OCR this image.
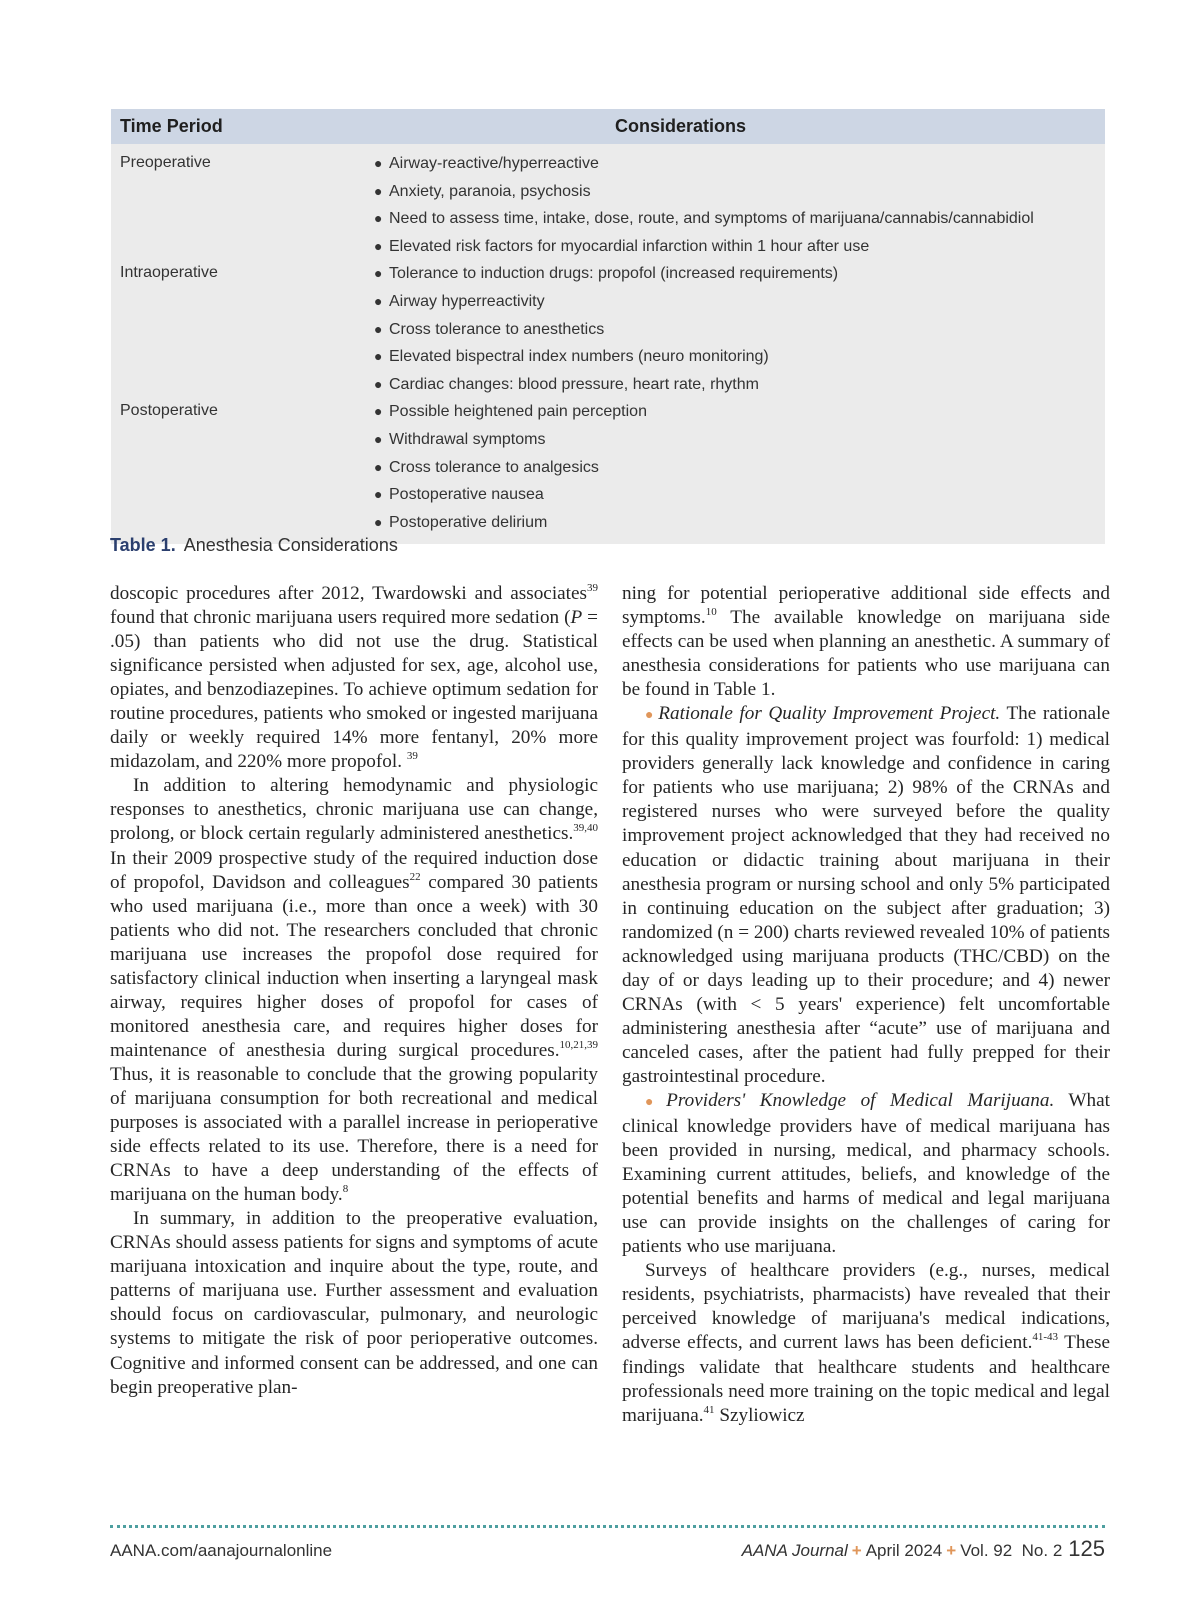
Time Period	Considerations
Preoperative	● Airway-reactive/hyperreactive
● Anxiety, paranoia, psychosis
● Need to assess time, intake, dose, route, and symptoms of marijuana/cannabis/cannabidiol
● Elevated risk factors for myocardial infarction within 1 hour after use
Intraoperative	● Tolerance to induction drugs: propofol (increased requirements)
● Airway hyperreactivity
● Cross tolerance to anesthetics
● Elevated bispectral index numbers (neuro monitoring)
● Cardiac changes: blood pressure, heart rate, rhythm
Postoperative	● Possible heightened pain perception
● Withdrawal symptoms
● Cross tolerance to analgesics
● Postoperative nausea
● Postoperative delirium
Table 1. Anesthesia Considerations

doscopic procedures after 2012, Twardowski and associates$^{39}$ found that chronic marijuana users required more sedation (P = .05) than patients who did not use the drug. Statistical significance persisted when adjusted for sex, age, alcohol use, opiates, and benzodiazepines. To achieve optimum sedation for routine procedures, patients who smoked or ingested marijuana daily or weekly required 14% more fentanyl, 20% more midazolam, and 220% more propofol. $^{39}$

In addition to altering hemodynamic and physiologic responses to anesthetics, chronic marijuana use can change, prolong, or block certain regularly administered anesthetics.$^{39,40}$ In their 2009 prospective study of the required induction dose of propofol, Davidson and colleagues$^{22}$ compared 30 patients who used marijuana (i.e., more than once a week) with 30 patients who did not. The researchers concluded that chronic marijuana use increases the propofol dose required for satisfactory clinical induction when inserting a laryngeal mask airway, requires higher doses of propofol for cases of monitored anesthesia care, and requires higher doses for maintenance of anesthesia during surgical procedures.$^{10,21,39}$ Thus, it is reasonable to conclude that the growing popularity of marijuana consumption for both recreational and medical purposes is associated with a parallel increase in perioperative side effects related to its use. Therefore, there is a need for CRNAs to have a deep understanding of the effects of marijuana on the human body.$^8$

In summary, in addition to the preoperative evaluation, CRNAs should assess patients for signs and symptoms of acute marijuana intoxication and inquire about the type, route, and patterns of marijuana use. Further assessment and evaluation should focus on cardiovascular, pulmonary, and neurologic systems to mitigate the risk of poor perioperative outcomes. Cognitive and informed consent can be addressed, and one can begin preoperative plan-

ning for potential perioperative additional side effects and symptoms.$^{10}$ The available knowledge on marijuana side effects can be used when planning an anesthetic. A summary of anesthesia considerations for patients who use marijuana can be found in Table 1.

● Rationale for Quality Improvement Project. The rationale for this quality improvement project was fourfold: 1) medical providers generally lack knowledge and confidence in caring for patients who use marijuana; 2) 98% of the CRNAs and registered nurses who were surveyed before the quality improvement project acknowledged that they had received no education or didactic training about marijuana in their anesthesia program or nursing school and only 5% participated in continuing education on the subject after graduation; 3) randomized (n = 200) charts reviewed revealed 10% of patients acknowledged using marijuana products (THC/CBD) on the day of or days leading up to their procedure; and 4) newer CRNAs (with < 5 years' experience) felt uncomfortable administering anesthesia after “acute” use of marijuana and canceled cases, after the patient had fully prepped for their gastrointestinal procedure.

● Providers' Knowledge of Medical Marijuana. What clinical knowledge providers have of medical marijuana has been provided in nursing, medical, and pharmacy schools. Examining current attitudes, beliefs, and knowledge of the potential benefits and harms of medical and legal marijuana use can provide insights on the challenges of caring for patients who use marijuana.

Surveys of healthcare providers (e.g., nurses, medical residents, psychiatrists, pharmacists) have revealed that their perceived knowledge of marijuana's medical indications, adverse effects, and current laws has been deficient.$^{41-43}$ These findings validate that healthcare students and healthcare professionals need more training on the topic medical and legal marijuana.$^{41}$ Szyliowicz

AANA.com/aanajournalonline	AANA Journal + April 2024 + Vol. 92  No. 2 125
